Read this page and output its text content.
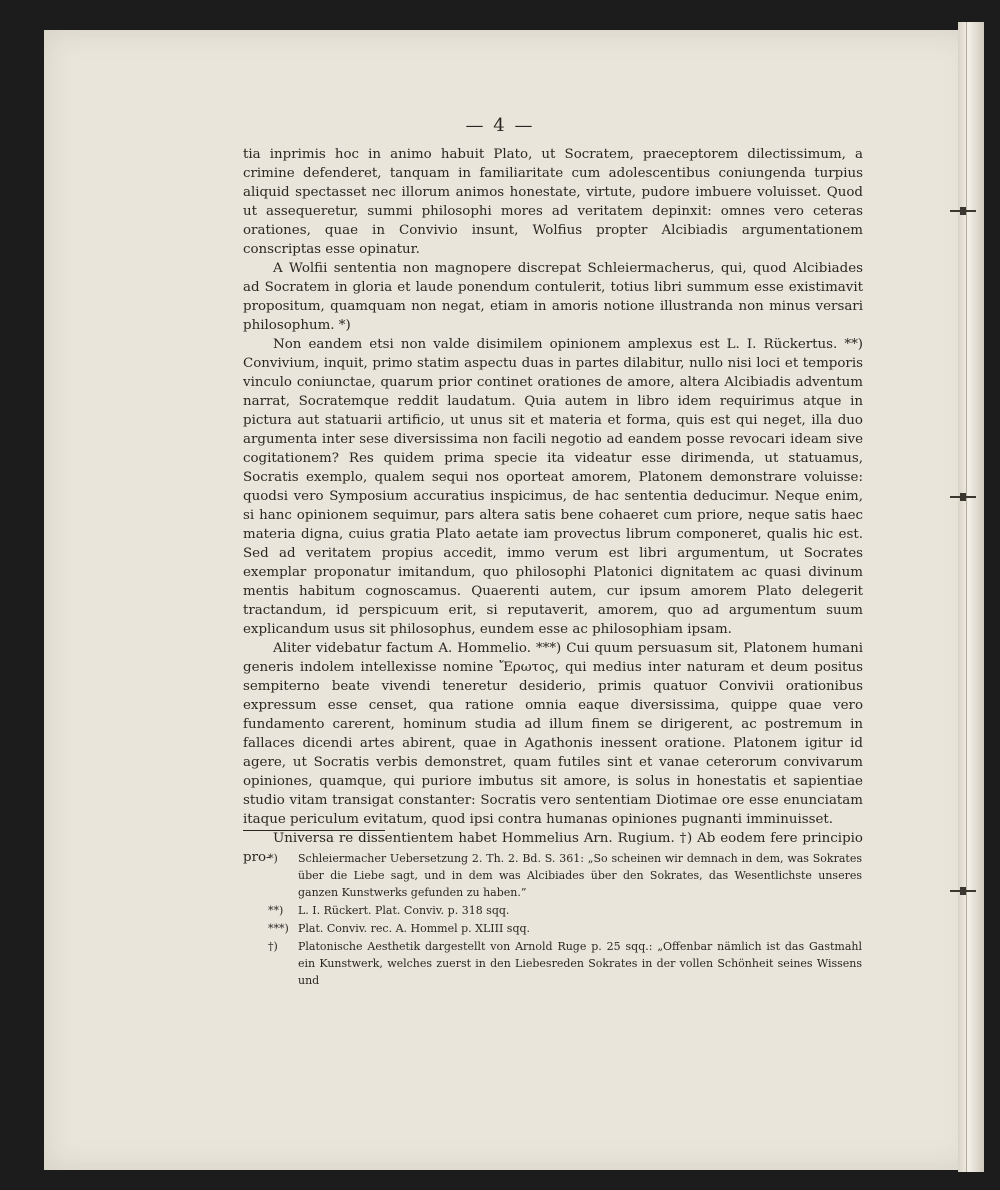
— 4 —

tia inprimis hoc in animo habuit Plato, ut Socratem, praeceptorem dilectissimum, a crimine defenderet, tanquam in familiaritate cum adolescentibus coniungenda turpius aliquid spectasset nec illorum animos honestate, virtute, pudore imbuere voluisset. Quod ut assequeretur, summi philosophi mores ad veritatem depinxit: omnes vero ceteras orationes, quae in Convivio insunt, Wolfius propter Alcibiadis argumentationem conscriptas esse opinatur.

A Wolfii sententia non magnopere discrepat Schleiermacherus, qui, quod Alcibiades ad Socratem in gloria et laude ponendum contulerit, totius libri summum esse existimavit propositum, quamquam non negat, etiam in amoris notione illustranda non minus versari philosophum. *)

Non eandem etsi non valde disimilem opinionem amplexus est L. I. Rückertus. **) Convivium, inquit, primo statim aspectu duas in partes dilabitur, nullo nisi loci et temporis vinculo coniunctae, quarum prior continet orationes de amore, altera Alcibiadis adventum narrat, Socratemque reddit laudatum. Quia autem in libro idem requirimus atque in pictura aut statuarii artificio, ut unus sit et materia et forma, quis est qui neget, illa duo argumenta inter sese diversissima non facili negotio ad eandem posse revocari ideam sive cogitationem? Res quidem prima specie ita videatur esse dirimenda, ut statuamus, Socratis exemplo, qualem sequi nos oporteat amorem, Platonem demonstrare voluisse: quodsi vero Symposium accuratius inspicimus, de hac sententia deducimur. Neque enim, si hanc opinionem sequimur, pars altera satis bene cohaeret cum priore, neque satis haec materia digna, cuius gratia Plato aetate iam provectus librum componeret, qualis hic est. Sed ad veritatem propius accedit, immo verum est libri argumentum, ut Socrates exemplar proponatur imitandum, quo philosophi Platonici dignitatem ac quasi divinum mentis habitum cognoscamus. Quaerenti autem, cur ipsum amorem Plato delegerit tractandum, id perspicuum erit, si reputaverit, amorem, quo ad argumentum suum explicandum usus sit philosophus, eundem esse ac philosophiam ipsam.

Aliter videbatur factum A. Hommelio. ***) Cui quum persuasum sit, Platonem humani generis indolem intellexisse nomine Ἔρωτος, qui medius inter naturam et deum positus sempiterno beate vivendi teneretur desiderio, primis quatuor Convivii orationibus expressum esse censet, qua ratione omnia eaque diversissima, quippe quae vero fundamento carerent, hominum studia ad illum finem se dirigerent, ac postremum in fallaces dicendi artes abirent, quae in Agathonis inessent oratione. Platonem igitur id agere, ut Socratis verbis demonstret, quam futiles sint et vanae ceterorum convivarum opiniones, quamque, qui puriore imbutus sit amore, is solus in honestatis et sapientiae studio vitam transigat constanter: Socratis vero sententiam Diotimae ore esse enunciatam itaque periculum evitatum, quod ipsi contra humanas opiniones pugnanti imminuisset.

Universa re dissentientem habet Hommelius Arn. Rugium. †) Ab eodem fere principio pro-

*)	Schleiermacher Uebersetzung 2. Th. 2. Bd. S. 361: „So scheinen wir demnach in dem, was Sokrates über die Liebe sagt, und in dem was Alcibiades über den Sokrates, das Wesentlichste unseres ganzen Kunstwerks gefunden zu haben.”
**)	L. I. Rückert. Plat. Conviv. p. 318 sqq.
***) Plat. Conviv. rec. A. Hommel p. XLIII sqq.
†)	Platonische Aesthetik dargestellt von Arnold Ruge p. 25 sqq.: „Offenbar nämlich ist das Gastmahl ein Kunstwerk, welches zuerst in den Liebesreden Sokrates in der vollen Schönheit seines Wissens und
